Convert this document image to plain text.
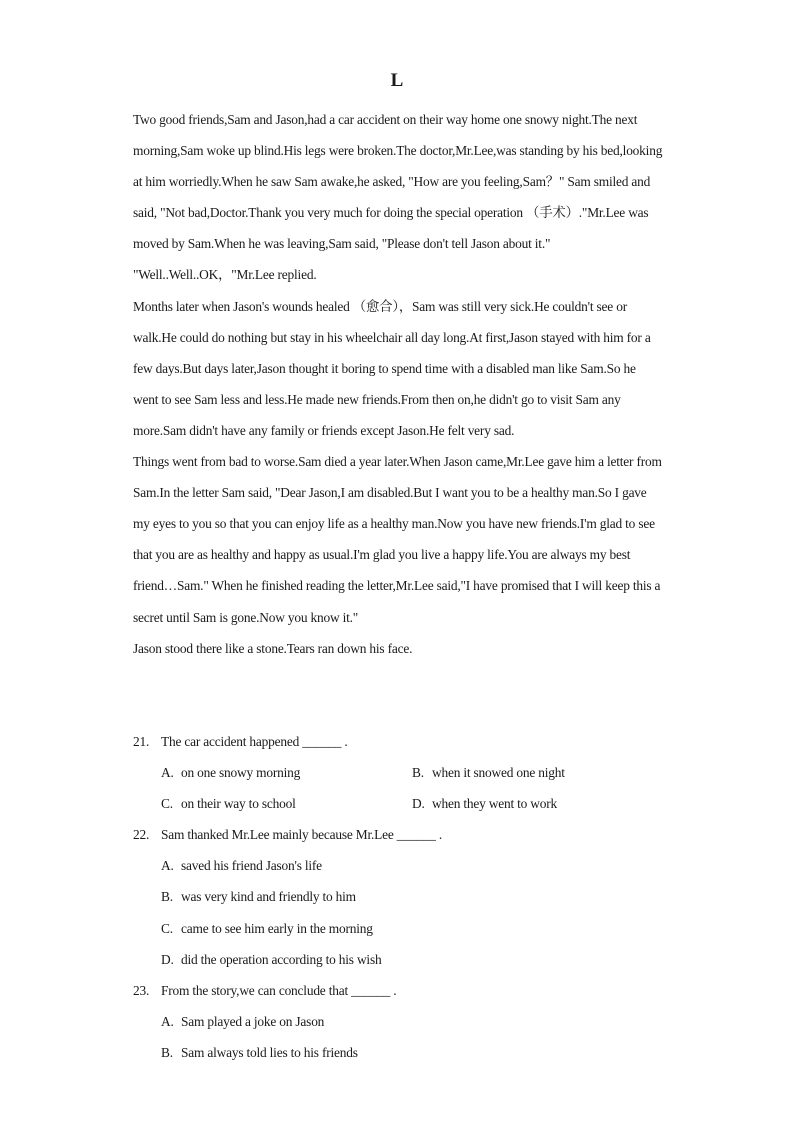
L

Two good friends,Sam and Jason,had a car accident on their way home one snowy night.The next morning,Sam woke up blind.His legs were broken.The doctor,Mr.Lee,was standing by his bed,looking at him worriedly.When he saw Sam awake,he asked, "How are you feeling,Sam？" Sam smiled and said, "Not bad,Doctor.Thank you very much for doing the special operation （手术）."Mr.Lee was moved by Sam.When he was leaving,Sam said, "Please don't tell Jason about it." "Well..Well..OK，"Mr.Lee replied.

Months later when Jason's wounds healed （愈合），Sam was still very sick.He couldn't see or walk.He could do nothing but stay in his wheelchair all day long.At first,Jason stayed with him for a few days.But days later,Jason thought it boring to spend time with a disabled man like Sam.So he went to see Sam less and less.He made new friends.From then on,he didn't go to visit Sam any more.Sam didn't have any family or friends except Jason.He felt very sad.

Things went from bad to worse.Sam died a year later.When Jason came,Mr.Lee gave him a letter from Sam.In the letter Sam said, "Dear Jason,I am disabled.But I want you to be a healthy man.So I gave my eyes to you so that you can enjoy life as a healthy man.Now you have new friends.I'm glad to see that you are as healthy and happy as usual.I'm glad you live a happy life.You are always my best friend…Sam." When he finished reading the letter,Mr.Lee said,"I have promised that I will keep this a secret until Sam is gone.Now you know it."

Jason stood there like a stone.Tears ran down his face.

21. The car accident happened ______ .

A. on one snowy morning	B. when it snowed one night
C. on their way to school	D. when they went to work

22. Sam thanked Mr.Lee mainly because Mr.Lee ______ .

A. saved his friend Jason's life
B. was very kind and friendly to him
C. came to see him early in the morning
D. did the operation according to his wish

23. From the story,we can conclude that ______ .

A. Sam played a joke on Jason
B. Sam always told lies to his friends
